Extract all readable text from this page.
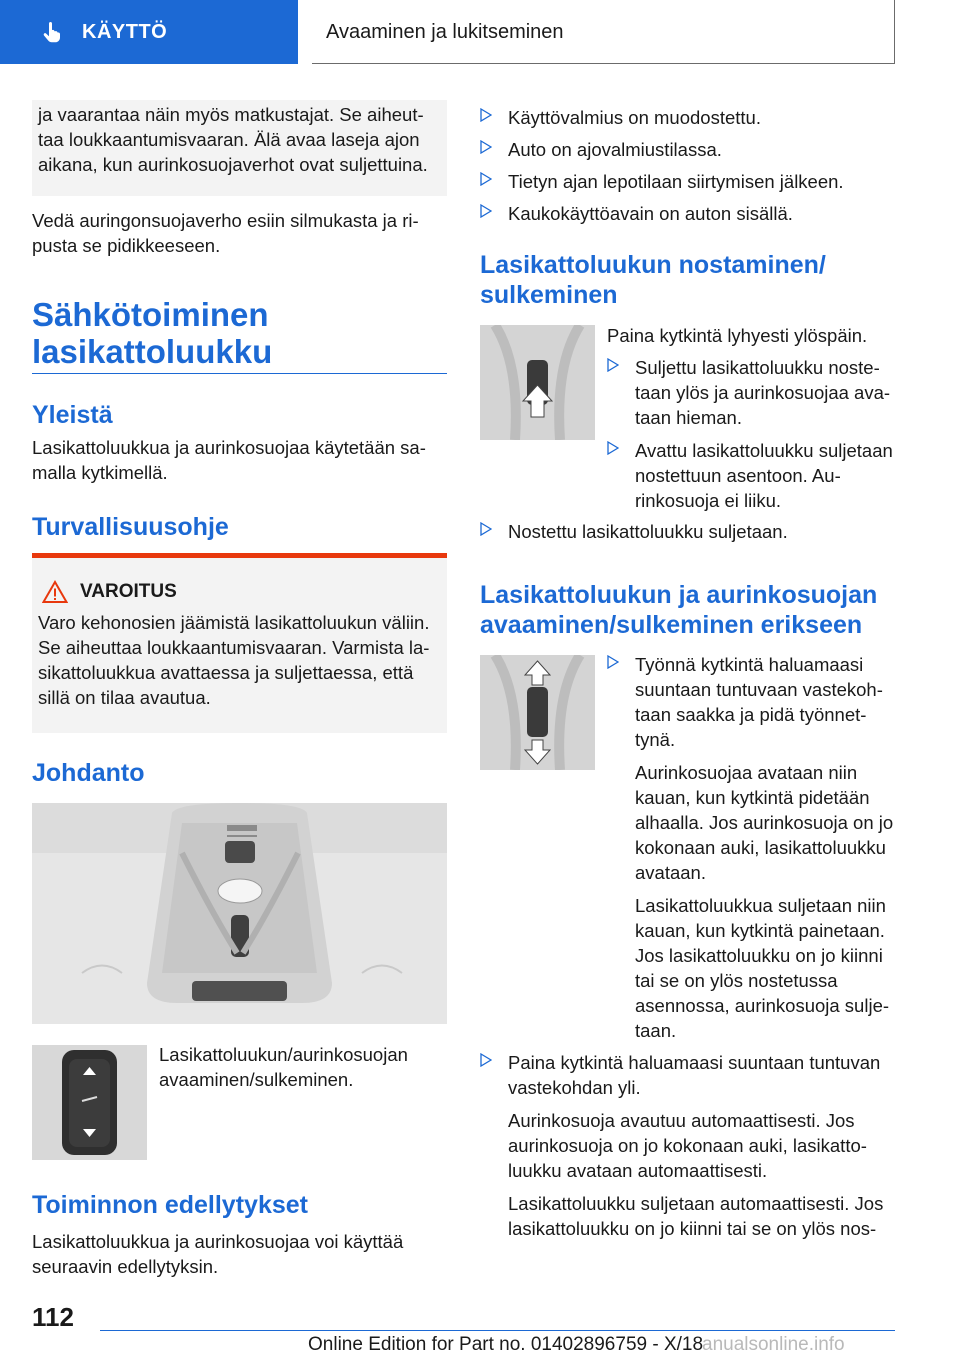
KÄYTTÖ	Avaaminen ja lukitseminen

ja vaarantaa näin myös matkustajat. Se aiheuttaa loukkaantumisvaaran. Älä avaa laseja ajon aikana, kun aurinkosuojaverhot ovat suljettuina.

Vedä auringonsuojaverho esiin silmukasta ja ripusta se pidikkeeseen.

Sähkötoiminen

lasikattoluukku

Yleistä

Lasikattoluukkua ja aurinkosuojaa käytetään samalla kytkimellä.

Turvallisuusohje

VAROITUS

Varo kehonosien jäämistä lasikattoluukun väliin. Se aiheuttaa loukkaantumisvaaran. Varmista lasikattoluukkua avattaessa ja suljettaessa, että sillä on tilaa avautua.

Johdanto

Lasikattoluukun/aurinkosuojan avaaminen/sulkeminen.

Toiminnon edellytykset

Lasikattoluukkua ja aurinkosuojaa voi käyttää seuraavin edellytyksin.

Käyttövalmius on muodostettu.
Auto on ajovalmiustilassa.
Tietyn ajan lepotilaan siirtymisen jälkeen.
Kaukokäyttöavain on auton sisällä.

Lasikattoluukun nostaminen/

sulkeminen

Paina kytkintä lyhyesti ylöspäin.

Suljettu lasikattoluukku nostetaan ylös ja aurinkosuojaa avataan hieman.
Avattu lasikattoluukku suljetaan nostettuun asentoon. Aurinkosuoja ei liiku.
Nostettu lasikattoluukku suljetaan.

Lasikattoluukun ja aurinkosuojan

avaaminen/sulkeminen erikseen

Työnnä kytkintä haluamaasi suuntaan tuntuvaan vastekohtaan saakka ja pidä työnnettynä.

Aurinkosuojaa avataan niin kauan, kun kytkintä pidetään alhaalla. Jos aurinkosuoja on jo kokonaan auki, lasikattoluukku avataan.

Lasikattoluukkua suljetaan niin kauan, kun kytkintä painetaan. Jos lasikattoluukku on jo kiinni tai se on ylös nostetussa asennossa, aurinkosuoja suljetaan.

Paina kytkintä haluamaasi suuntaan tuntuvan vastekohdan yli.

Aurinkosuoja avautuu automaattisesti. Jos aurinkosuoja on jo kokonaan auki, lasikattoluukku avataan automaattisesti.

Lasikattoluukku suljetaan automaattisesti. Jos lasikattoluukku on jo kiinni tai se on ylös nos-

112
Online Edition for Part no. 01402896759 - X/18
anualsonline.info
